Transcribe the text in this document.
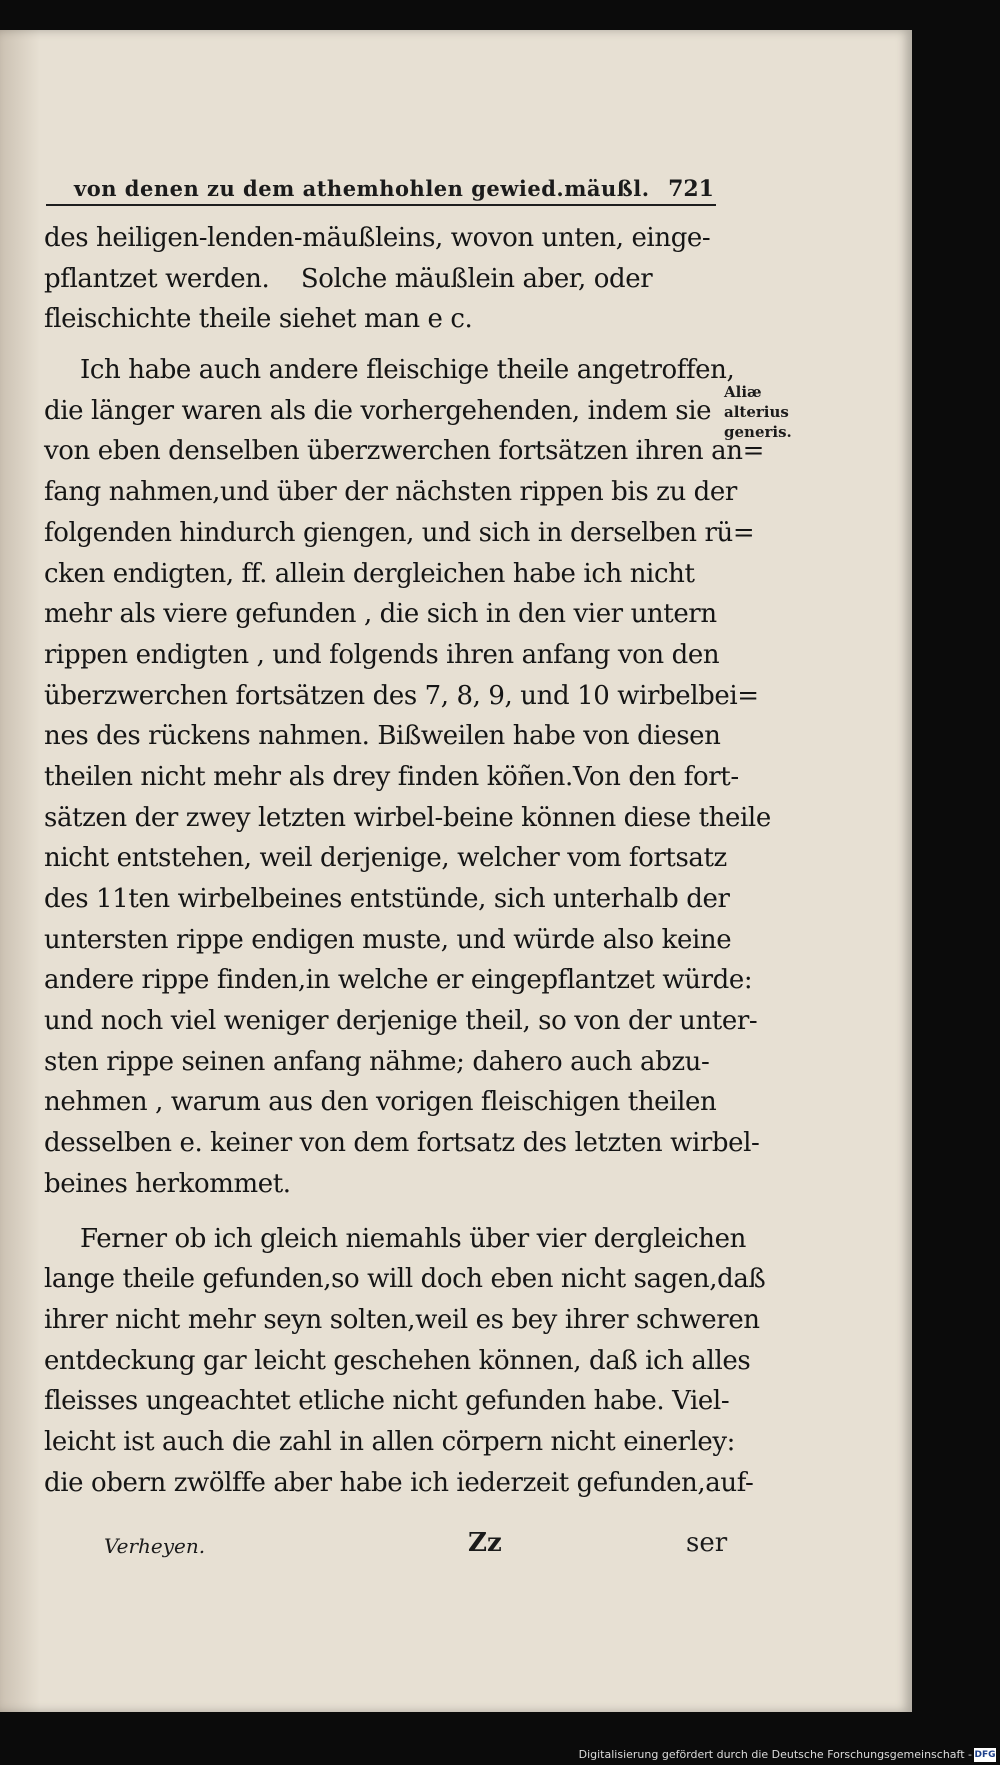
von denen zu dem athemhohlen gewied.mäußl. 721
des heiligen-lenden-mäußleins, wovon unten, einge-
pflantzet werden.    Solche mäußlein aber, oder
fleischichte theile siehet man e c.
Ich habe auch andere fleischige theile angetroffen,
die länger waren als die vorhergehenden, indem sie
von eben denselben überzwerchen fortsätzen ihren an=
fang nahmen,und über der nächsten rippen bis zu der
folgenden hindurch giengen, und sich in derselben rü=
cken endigten, ff. allein dergleichen habe ich nicht
mehr als viere gefunden , die sich in den vier untern
rippen endigten , und folgends ihren anfang von den
überzwerchen fortsätzen des 7, 8, 9, und 10 wirbelbei=
nes des rückens nahmen. Bißweilen habe von diesen
theilen nicht mehr als drey finden köñen.Von den fort-
sätzen der zwey letzten wirbel-beine können diese theile
nicht entstehen, weil derjenige, welcher vom fortsatz
des 11ten wirbelbeines entstünde, sich unterhalb der
untersten rippe endigen muste, und würde also keine
andere rippe finden,in welche er eingepflantzet würde:
und noch viel weniger derjenige theil, so von der unter-
sten rippe seinen anfang nähme; dahero auch abzu-
nehmen , warum aus den vorigen fleischigen theilen
desselben e. keiner von dem fortsatz des letzten wirbel-
beines herkommet.
Ferner ob ich gleich niemahls über vier dergleichen
lange theile gefunden,so will doch eben nicht sagen,daß
ihrer nicht mehr seyn solten,weil es bey ihrer schweren
entdeckung gar leicht geschehen können, daß ich alles
fleisses ungeachtet etliche nicht gefunden habe. Viel-
leicht ist auch die zahl in allen cörpern nicht einerley:
die obern zwölffe aber habe ich iederzeit gefunden,auf-
Aliæ
alterius
generis.
Verheyen.	Zz	ser
Digitalisierung gefördert durch die Deutsche Forschungsgemeinschaft - DFG
